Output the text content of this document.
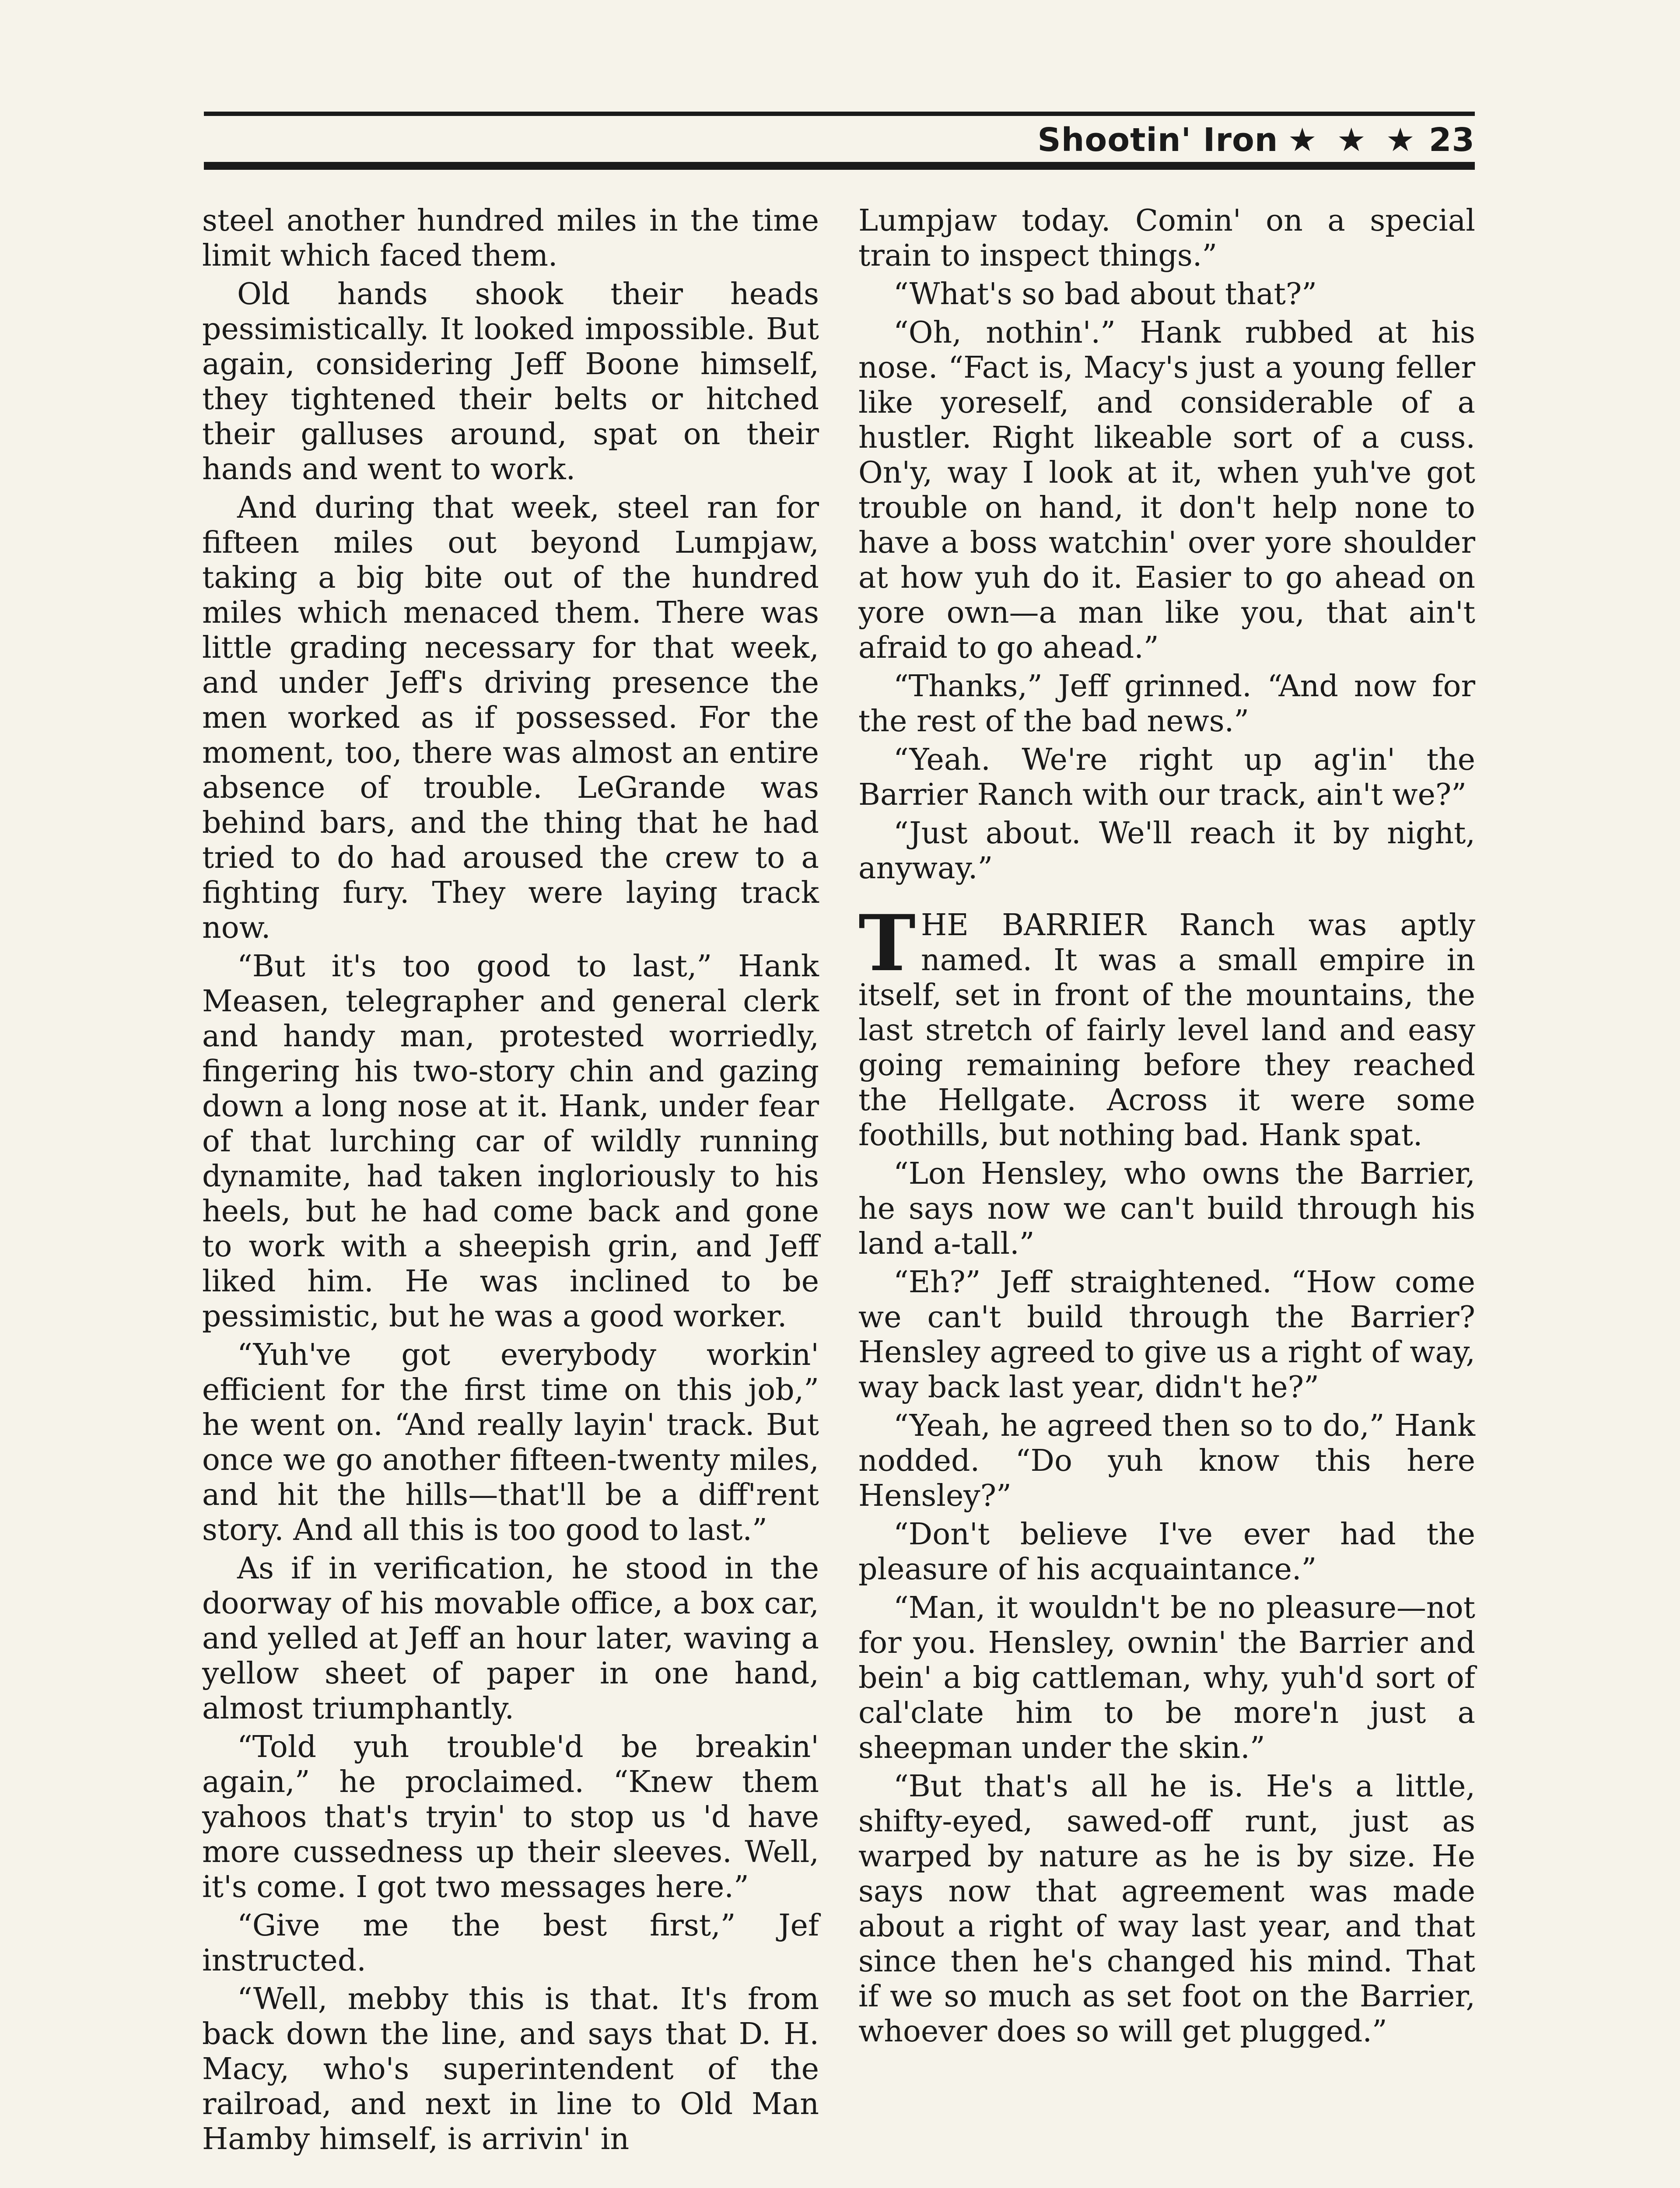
Shootin' Iron ★ ★ ★ 23

steel another hundred miles in the time limit which faced them.

Old hands shook their heads pessimistically. It looked impossible. But again, considering Jeff Boone himself, they tightened their belts or hitched their galluses around, spat on their hands and went to work.

And during that week, steel ran for fifteen miles out beyond Lumpjaw, taking a big bite out of the hundred miles which menaced them. There was little grading necessary for that week, and under Jeff's driving presence the men worked as if possessed. For the moment, too, there was almost an entire absence of trouble. LeGrande was behind bars, and the thing that he had tried to do had aroused the crew to a fighting fury. They were laying track now.

“But it's too good to last,” Hank Measen, telegrapher and general clerk and handy man, protested worriedly, fingering his two-story chin and gazing down a long nose at it. Hank, under fear of that lurching car of wildly running dynamite, had taken ingloriously to his heels, but he had come back and gone to work with a sheepish grin, and Jeff liked him. He was inclined to be pessimistic, but he was a good worker.

“Yuh've got everybody workin' efficient for the first time on this job,” he went on. “And really layin' track. But once we go another fifteen-twenty miles, and hit the hills—that'll be a diff'rent story. And all this is too good to last.”

As if in verification, he stood in the doorway of his movable office, a box car, and yelled at Jeff an hour later, waving a yellow sheet of paper in one hand, almost triumphantly.

“Told yuh trouble'd be breakin' again,” he proclaimed. “Knew them yahoos that's tryin' to stop us 'd have more cussedness up their sleeves. Well, it's come. I got two messages here.”

“Give me the best first,” Jef instructed.

“Well, mebby this is that. It's from back down the line, and says that D. H. Macy, who's superintendent of the railroad, and next in line to Old Man Hamby himself, is arrivin' in

Lumpjaw today. Comin' on a special train to inspect things.”

“What's so bad about that?”

“Oh, nothin'.” Hank rubbed at his nose. “Fact is, Macy's just a young feller like yoreself, and considerable of a hustler. Right likeable sort of a cuss. On'y, way I look at it, when yuh've got trouble on hand, it don't help none to have a boss watchin' over yore shoulder at how yuh do it. Easier to go ahead on yore own—a man like you, that ain't afraid to go ahead.”

“Thanks,” Jeff grinned. “And now for the rest of the bad news.”

“Yeah. We're right up ag'in' the Barrier Ranch with our track, ain't we?”

“Just about. We'll reach it by night, anyway.”

THE BARRIER Ranch was aptly named. It was a small empire in itself, set in front of the mountains, the last stretch of fairly level land and easy going remaining before they reached the Hellgate. Across it were some foothills, but nothing bad. Hank spat.

“Lon Hensley, who owns the Barrier, he says now we can't build through his land a-tall.”

“Eh?” Jeff straightened. “How come we can't build through the Barrier? Hensley agreed to give us a right of way, way back last year, didn't he?”

“Yeah, he agreed then so to do,” Hank nodded. “Do yuh know this here Hensley?”

“Don't believe I've ever had the pleasure of his acquaintance.”

“Man, it wouldn't be no pleasure—not for you. Hensley, ownin' the Barrier and bein' a big cattleman, why, yuh'd sort of cal'clate him to be more'n just a sheepman under the skin.”

“But that's all he is. He's a little, shifty-eyed, sawed-off runt, just as warped by nature as he is by size. He says now that agreement was made about a right of way last year, and that since then he's changed his mind. That if we so much as set foot on the Barrier, whoever does so will get plugged.”
